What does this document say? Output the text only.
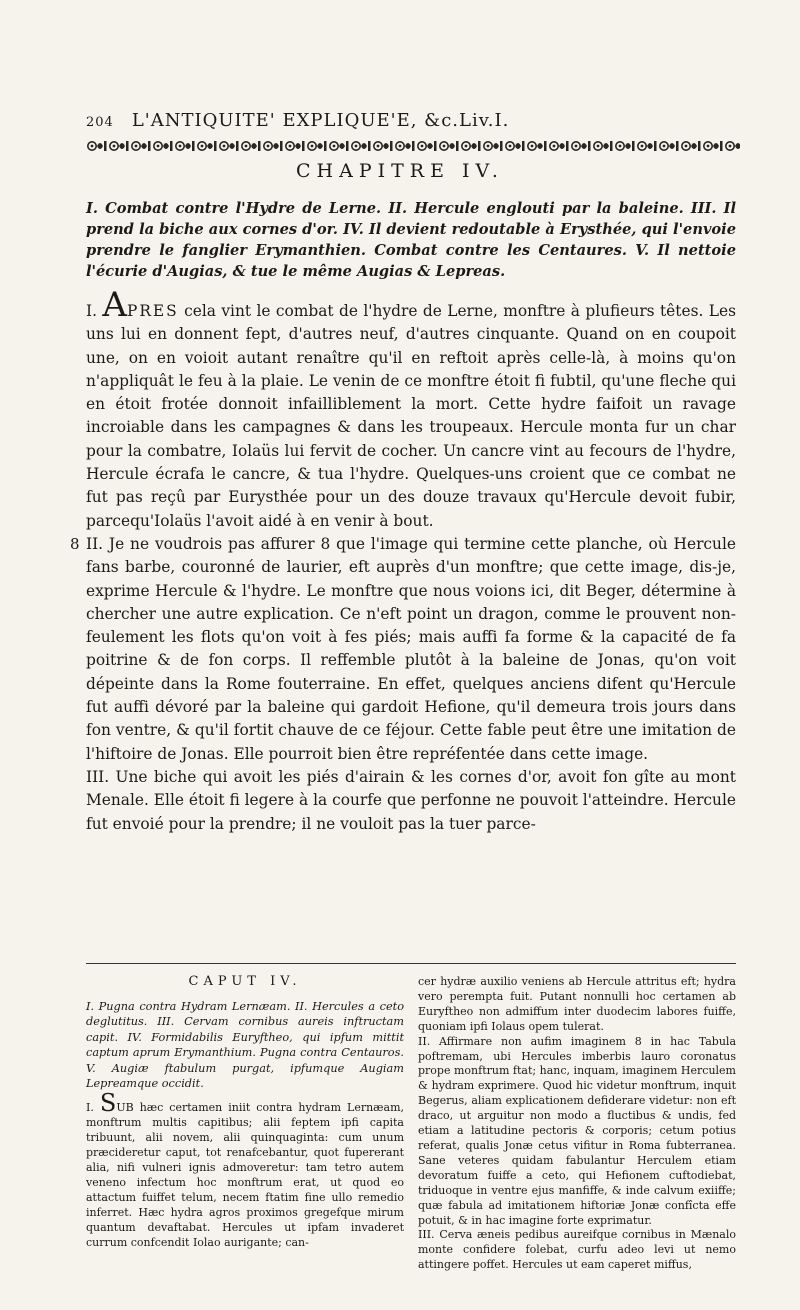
204 L'ANTIQUITE' EXPLIQUE'E, &c.Liv.I.
CHAPITRE IV.
I. Combat contre l'Hydre de Lerne. II. Hercule englouti par la baleine. III. Il prend la biche aux cornes d'or. IV. Il devient redoutable à Erysthée, qui l'envoie prendre le fanglier Erymanthien. Combat contre les Centaures. V. Il nettoie l'écurie d'Augias, & tue le même Augias & Lepreas.

I. APRES cela vint le combat de l'hydre de Lerne, monftre à plufieurs têtes. Les uns lui en donnent fept, d'autres neuf, d'autres cinquante. Quand on en coupoit une, on en voioit autant renaître qu'il en reftoit après celle-là, à moins qu'on n'appliquât le feu à la plaie. Le venin de ce monftre étoit fi fubtil, qu'une fleche qui en étoit frotée donnoit infailliblement la mort. Cette hydre faifoit un ravage incroiable dans les campagnes & dans les troupeaux. Hercule monta fur un char pour la combatre, Iolaüs lui fervit de cocher. Un cancre vint au fecours de l'hydre, Hercule écrafa le cancre, & tua l'hydre. Quelques-uns croient que ce combat ne fut pas reçû par Eurysthée pour un des douze travaux qu'Hercule devoit fubir, parcequ'Iolaüs l'avoit aidé à en venir à bout.

8 II. Je ne voudrois pas affurer 8 que l'image qui termine cette planche, où Hercule fans barbe, couronné de laurier, eft auprès d'un monftre; que cette image, dis-je, exprime Hercule & l'hydre. Le monftre que nous voions ici, dit Beger, détermine à chercher une autre explication. Ce n'eft point un dragon, comme le prouvent non-feulement les flots qu'on voit à fes piés; mais auffi fa forme & la capacité de fa poitrine & de fon corps. Il reffemble plutôt à la baleine de Jonas, qu'on voit dépeinte dans la Rome fouterraine. En effet, quelques anciens difent qu'Hercule fut auffi dévoré par la baleine qui gardoit Hefione, qu'il demeura trois jours dans fon ventre, & qu'il fortit chauve de ce féjour. Cette fable peut être une imitation de l'hiftoire de Jonas. Elle pourroit bien être repréfentée dans cette image.

III. Une biche qui avoit les piés d'airain & les cornes d'or, avoit fon gîte au mont Menale. Elle étoit fi legere à la courfe que perfonne ne pouvoit l'atteindre. Hercule fut envoié pour la prendre; il ne vouloit pas la tuer parce-

CAPUT IV.
I. Pugna contra Hydram Lernæam. II. Hercules a ceto deglutitus. III. Cervam cornibus aureis inftructam capit. IV. Formidabilis Euryftheo, qui ipfum mittit captum aprum Erymanthium. Pugna contra Centauros. V. Augiæ ftabulum purgat, ipfumque Augiam Lepreamque occidit.

I. SUB hæc certamen iniit contra hydram Lernæam, monftrum multis capitibus; alii feptem ipfi capita tribuunt, alii novem, alii quinquaginta: cum unum præcideretur caput, tot renafcebantur, quot fupererant alia, nifi vulneri ignis admoveretur: tam tetro autem veneno infectum hoc monftrum erat, ut quod eo attactum fuiffet telum, necem ftatim fine ullo remedio inferret. Hæc hydra agros proximos gregefque mirum quantum devaftabat. Hercules ut ipfam invaderet currum confcendit Iolao aurigante; can-

cer hydræ auxilio veniens ab Hercule attritus eft; hydra vero perempta fuit. Putant nonnulli hoc certamen ab Euryftheo non admiffum inter duodecim labores fuiffe, quoniam ipfi Iolaus opem tulerat.

II. Affirmare non aufim imaginem 8 in hac Tabula poftremam, ubi Hercules imberbis lauro coronatus prope monftrum ftat; hanc, inquam, imaginem Herculem & hydram exprimere. Quod hic videtur monftrum, inquit Begerus, aliam explicationem defiderare videtur: non eft draco, ut arguitur non modo a fluctibus & undis, fed etiam a latitudine pectoris & corporis; cetum potius referat, qualis Jonæ cetus vifitur in Roma fubterranea. Sane veteres quidam fabulantur Herculem etiam devoratum fuiffe a ceto, qui Hefionem cuftodiebat, triduoque in ventre ejus manfiffe, & inde calvum exiiffe; quæ fabula ad imitationem hiftoriæ Jonæ confîcta effe potuit, & in hac imagine forte exprimatur.

III. Cerva æneis pedibus aureifque cornibus in Mænalo monte confidere folebat, curfu adeo levi ut nemo attingere poffet. Hercules ut eam caperet miffus,
